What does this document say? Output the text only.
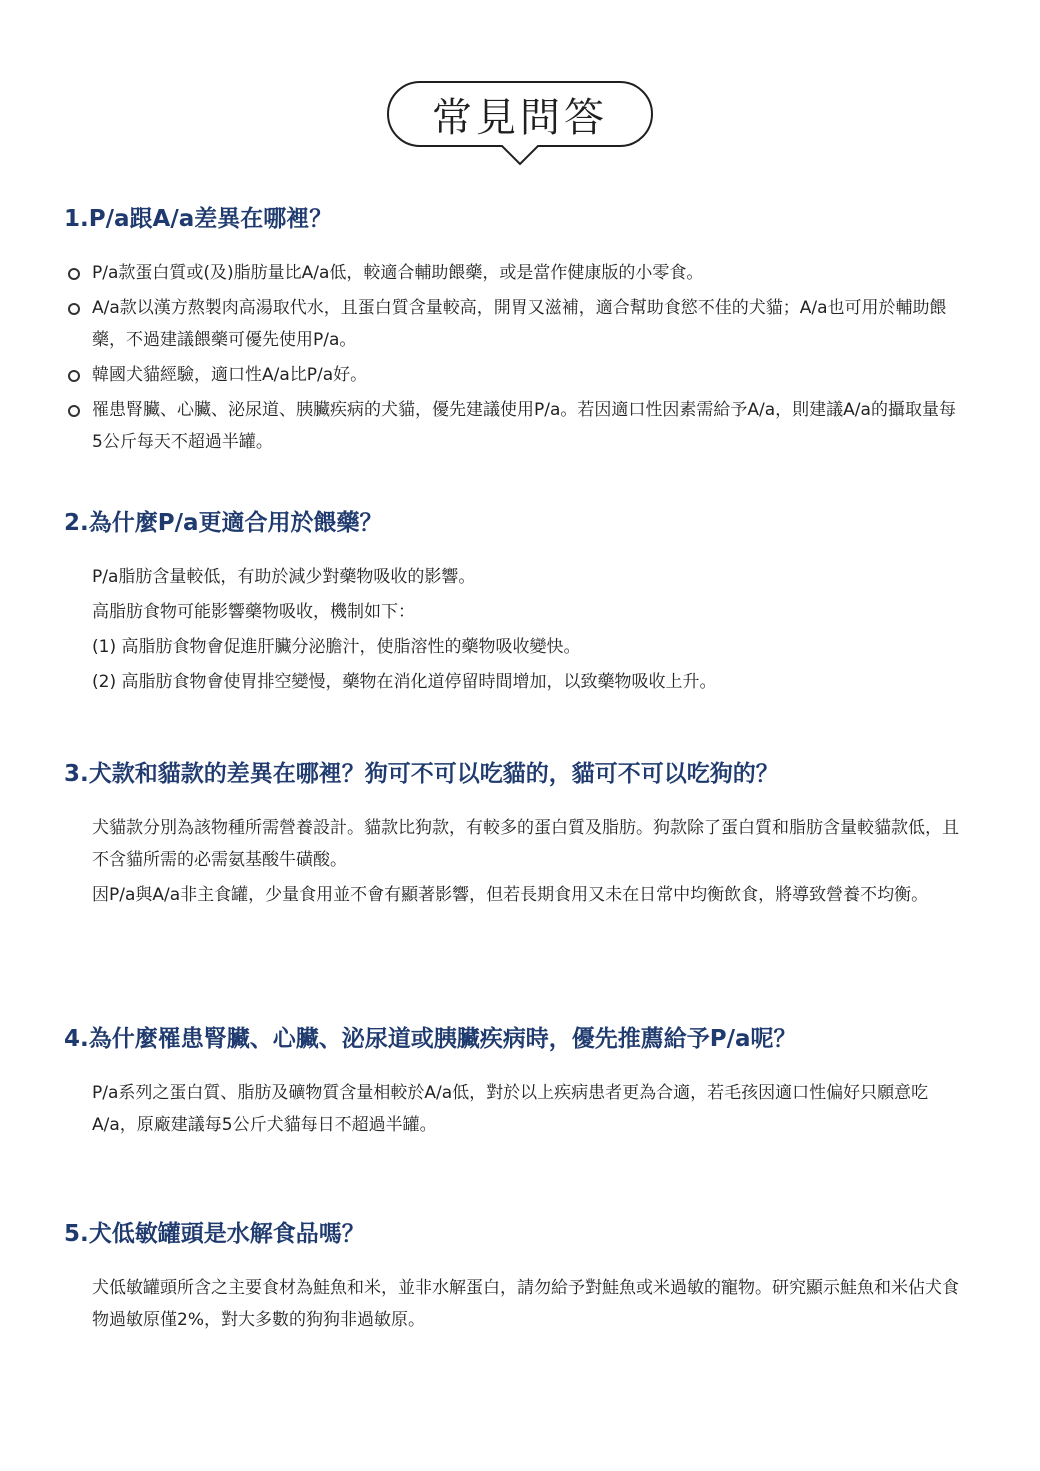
常見問答
1.P/a跟A/a差異在哪裡？
P/a款蛋白質或(及)脂肪量比A/a低，較適合輔助餵藥，或是當作健康版的小零食。
A/a款以漢方熬製肉高湯取代水，且蛋白質含量較高，開胃又滋補，適合幫助食慾不佳的犬貓；A/a也可用於輔助餵藥，不過建議餵藥可優先使用P/a。
韓國犬貓經驗，適口性A/a比P/a好。
罹患腎臟、心臟、泌尿道、胰臟疾病的犬貓，優先建議使用P/a。若因適口性因素需給予A/a，則建議A/a的攝取量每5公斤每天不超過半罐。
2.為什麼P/a更適合用於餵藥？

P/a脂肪含量較低，有助於減少對藥物吸收的影響。

高脂肪食物可能影響藥物吸收，機制如下：

(1) 高脂肪食物會促進肝臟分泌膽汁，使脂溶性的藥物吸收變快。

(2) 高脂肪食物會使胃排空變慢，藥物在消化道停留時間增加，以致藥物吸收上升。

3.犬款和貓款的差異在哪裡？狗可不可以吃貓的，貓可不可以吃狗的？

犬貓款分別為該物種所需營養設計。貓款比狗款，有較多的蛋白質及脂肪。狗款除了蛋白質和脂肪含量較貓款低，且不含貓所需的必需氨基酸牛磺酸。

因P/a與A/a非主食罐，少量食用並不會有顯著影響，但若長期食用又未在日常中均衡飲食，將導致營養不均衡。

4.為什麼罹患腎臟、心臟、泌尿道或胰臟疾病時，優先推薦給予P/a呢？

P/a系列之蛋白質、脂肪及礦物質含量相較於A/a低，對於以上疾病患者更為合適，若毛孩因適口性偏好只願意吃A/a，原廠建議每5公斤犬貓每日不超過半罐。

5.犬低敏罐頭是水解食品嗎？

犬低敏罐頭所含之主要食材為鮭魚和米，並非水解蛋白，請勿給予對鮭魚或米過敏的寵物。研究顯示鮭魚和米佔犬食物過敏原僅2%，對大多數的狗狗非過敏原。
